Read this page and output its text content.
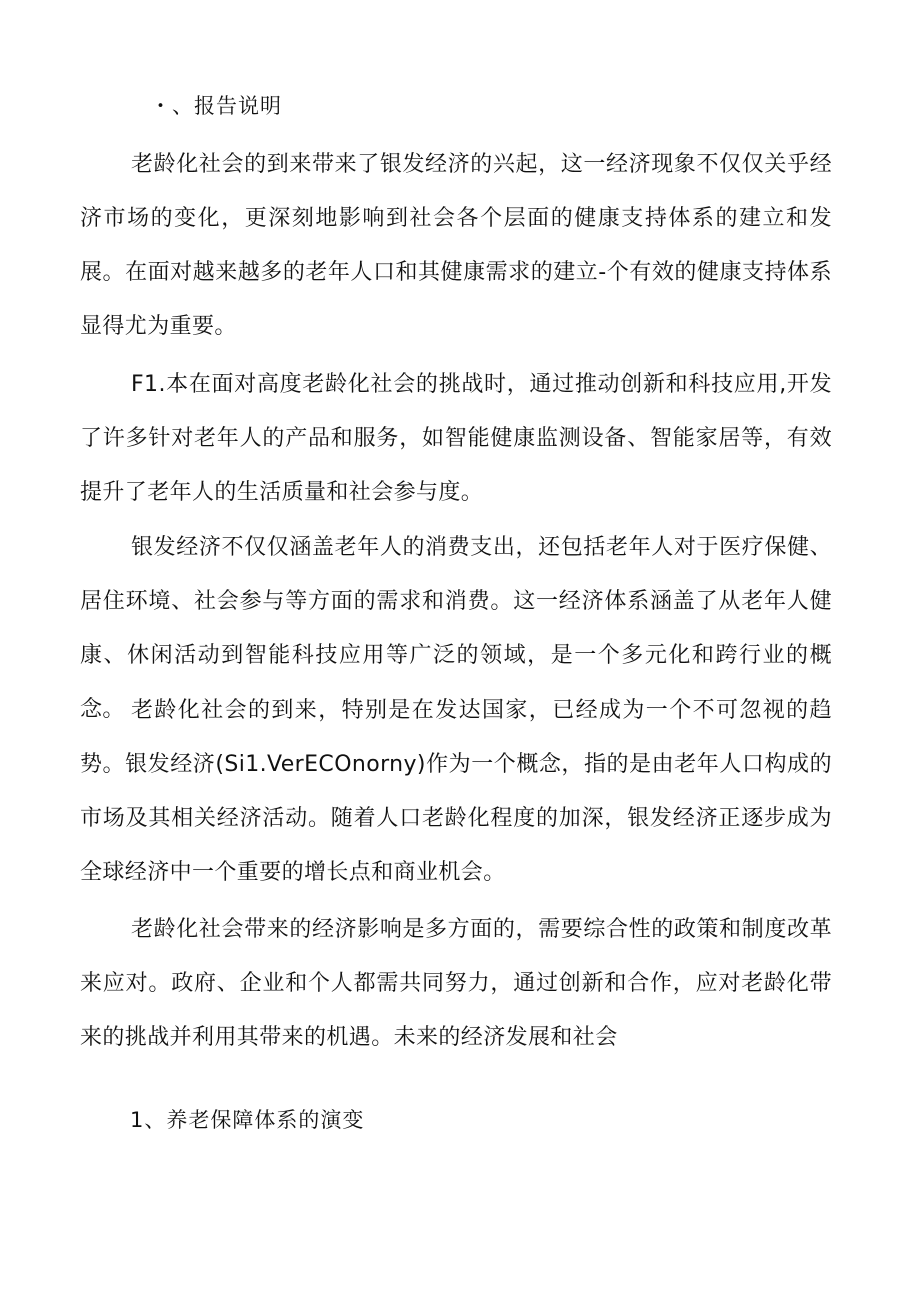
・、报告说明

老龄化社会的到来带来了银发经济的兴起，这一经济现象不仅仅关乎经济市场的变化，更深刻地影响到社会各个层面的健康支持体系的建立和发展。在面对越来越多的老年人口和其健康需求的建立-个有效的健康支持体系显得尤为重要。

F1.本在面对高度老龄化社会的挑战时，通过推动创新和科技应用,开发了许多针对老年人的产品和服务，如智能健康监测设备、智能家居等，有效提升了老年人的生活质量和社会参与度。

银发经济不仅仅涵盖老年人的消费支出，还包括老年人对于医疗保健、居住环境、社会参与等方面的需求和消费。这一经济体系涵盖了从老年人健康、休闲活动到智能科技应用等广泛的领域，是一个多元化和跨行业的概念。 老龄化社会的到来，特别是在发达国家，已经成为一个不可忽视的趋势。银发经济(Si1.VerECOnorny)作为一个概念，指的是由老年人口构成的市场及其相关经济活动。随着人口老龄化程度的加深，银发经济正逐步成为全球经济中一个重要的增长点和商业机会。

老龄化社会带来的经济影响是多方面的，需要综合性的政策和制度改革来应对。政府、企业和个人都需共同努力，通过创新和合作，应对老龄化带来的挑战并利用其带来的机遇。未来的经济发展和社会

1、养老保障体系的演变
